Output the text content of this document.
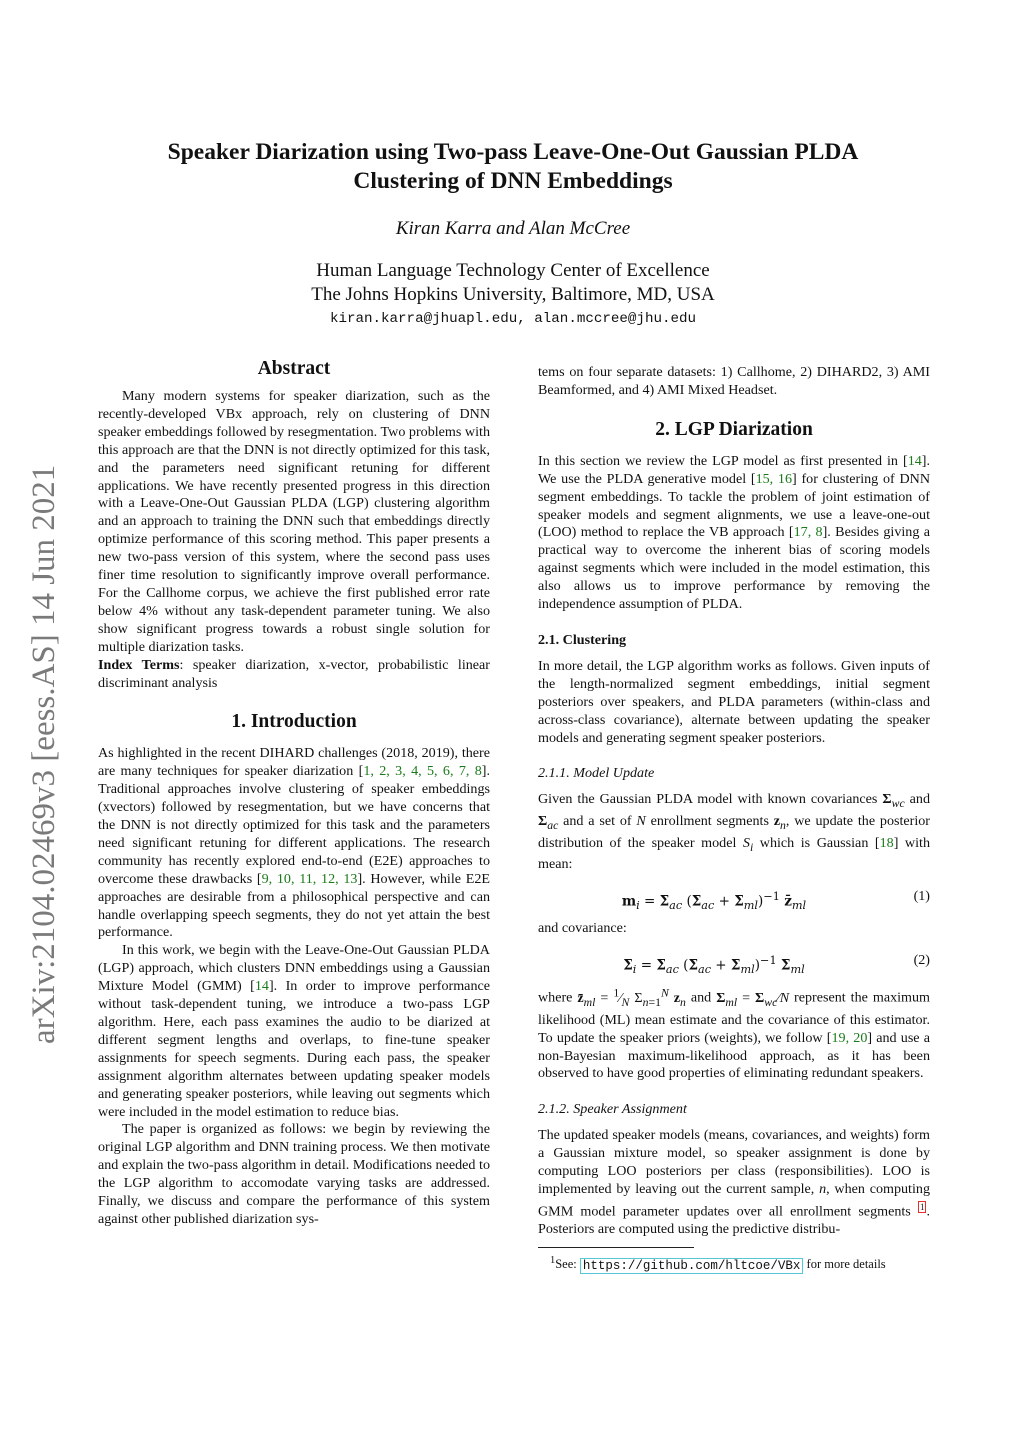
arXiv:2104.02469v3 [eess.AS] 14 Jun 2021
Speaker Diarization using Two-pass Leave-One-Out Gaussian PLDA
Clustering of DNN Embeddings
Kiran Karra and Alan McCree
Human Language Technology Center of Excellence
The Johns Hopkins University, Baltimore, MD, USA
kiran.karra@jhuapl.edu, alan.mccree@jhu.edu
Abstract

Many modern systems for speaker diarization, such as the recently-developed VBx approach, rely on clustering of DNN speaker embeddings followed by resegmentation. Two problems with this approach are that the DNN is not directly optimized for this task, and the parameters need significant retuning for different applications. We have recently presented progress in this direction with a Leave-One-Out Gaussian PLDA (LGP) clustering algorithm and an approach to training the DNN such that embeddings directly optimize performance of this scoring method. This paper presents a new two-pass version of this system, where the second pass uses finer time resolution to significantly improve overall performance. For the Callhome corpus, we achieve the first published error rate below 4% without any task-dependent parameter tuning. We also show significant progress towards a robust single solution for multiple diarization tasks.

Index Terms: speaker diarization, x-vector, probabilistic linear discriminant analysis

1. Introduction

As highlighted in the recent DIHARD challenges (2018, 2019), there are many techniques for speaker diarization [1, 2, 3, 4, 5, 6, 7, 8]. Traditional approaches involve clustering of speaker embeddings (xvectors) followed by resegmentation, but we have concerns that the DNN is not directly optimized for this task and the parameters need significant retuning for different applications. The research community has recently explored end-to-end (E2E) approaches to overcome these drawbacks [9, 10, 11, 12, 13]. However, while E2E approaches are desirable from a philosophical perspective and can handle overlapping speech segments, they do not yet attain the best performance.

In this work, we begin with the Leave-One-Out Gaussian PLDA (LGP) approach, which clusters DNN embeddings using a Gaussian Mixture Model (GMM) [14]. In order to improve performance without task-dependent tuning, we introduce a two-pass LGP algorithm. Here, each pass examines the audio to be diarized at different segment lengths and overlaps, to fine-tune speaker assignments for speech segments. During each pass, the speaker assignment algorithm alternates between updating speaker models and generating speaker posteriors, while leaving out segments which were included in the model estimation to reduce bias.

The paper is organized as follows: we begin by reviewing the original LGP algorithm and DNN training process. We then motivate and explain the two-pass algorithm in detail. Modifications needed to the LGP algorithm to accomodate varying tasks are addressed. Finally, we discuss and compare the performance of this system against other published diarization sys-

tems on four separate datasets: 1) Callhome, 2) DIHARD2, 3) AMI Beamformed, and 4) AMI Mixed Headset.

2. LGP Diarization

In this section we review the LGP model as first presented in [14]. We use the PLDA generative model [15, 16] for clustering of DNN segment embeddings. To tackle the problem of joint estimation of speaker models and segment alignments, we use a leave-one-out (LOO) method to replace the VB approach [17, 8]. Besides giving a practical way to overcome the inherent bias of scoring models against segments which were included in the model estimation, this also allows us to improve performance by removing the independence assumption of PLDA.

2.1. Clustering

In more detail, the LGP algorithm works as follows. Given inputs of the length-normalized segment embeddings, initial segment posteriors over speakers, and PLDA parameters (within-class and across-class covariance), alternate between updating the speaker models and generating segment speaker posteriors.

2.1.1. Model Update

Given the Gaussian PLDA model with known covariances $\Sigma_{wc}$ and $\Sigma_{ac}$ and a set of N enrollment segments $z_n$, we update the posterior distribution of the speaker model $S_i$ which is Gaussian [18] with mean:

$m_i = \Sigma_{ac}$ $(\Sigma_{ac} + \Sigma_{ml})^{-1}$ $z̄_{ml}$
(1)

and covariance:

$\Sigma_i = \Sigma_{ac}$ $(\Sigma_{ac} + \Sigma_{ml})^{-1}$ $\Sigma_{ml}$
(2)

where $z̄_{ml}$ = $^1⁄_N$ $\Sigma_{n=1}^N$ $z_n$ and $\Sigma_{ml}$ = $\Sigma_{wc}⁄N$ represent the maximum likelihood (ML) mean estimate and the covariance of this estimator. To update the speaker priors (weights), we follow [19, 20] and use a non-Bayesian maximum-likelihood approach, as it has been observed to have good properties of eliminating redundant speakers.

2.1.2. Speaker Assignment

The updated speaker models (means, covariances, and weights) form a Gaussian mixture model, so speaker assignment is done by computing LOO posteriors per class (responsibilities). LOO is implemented by leaving out the current sample, n, when computing GMM model parameter updates over all enrollment segments $^1$ . Posteriors are computed using the predictive distribu-

$^1$See: https://github.com/hltcoe/VBx for more details
